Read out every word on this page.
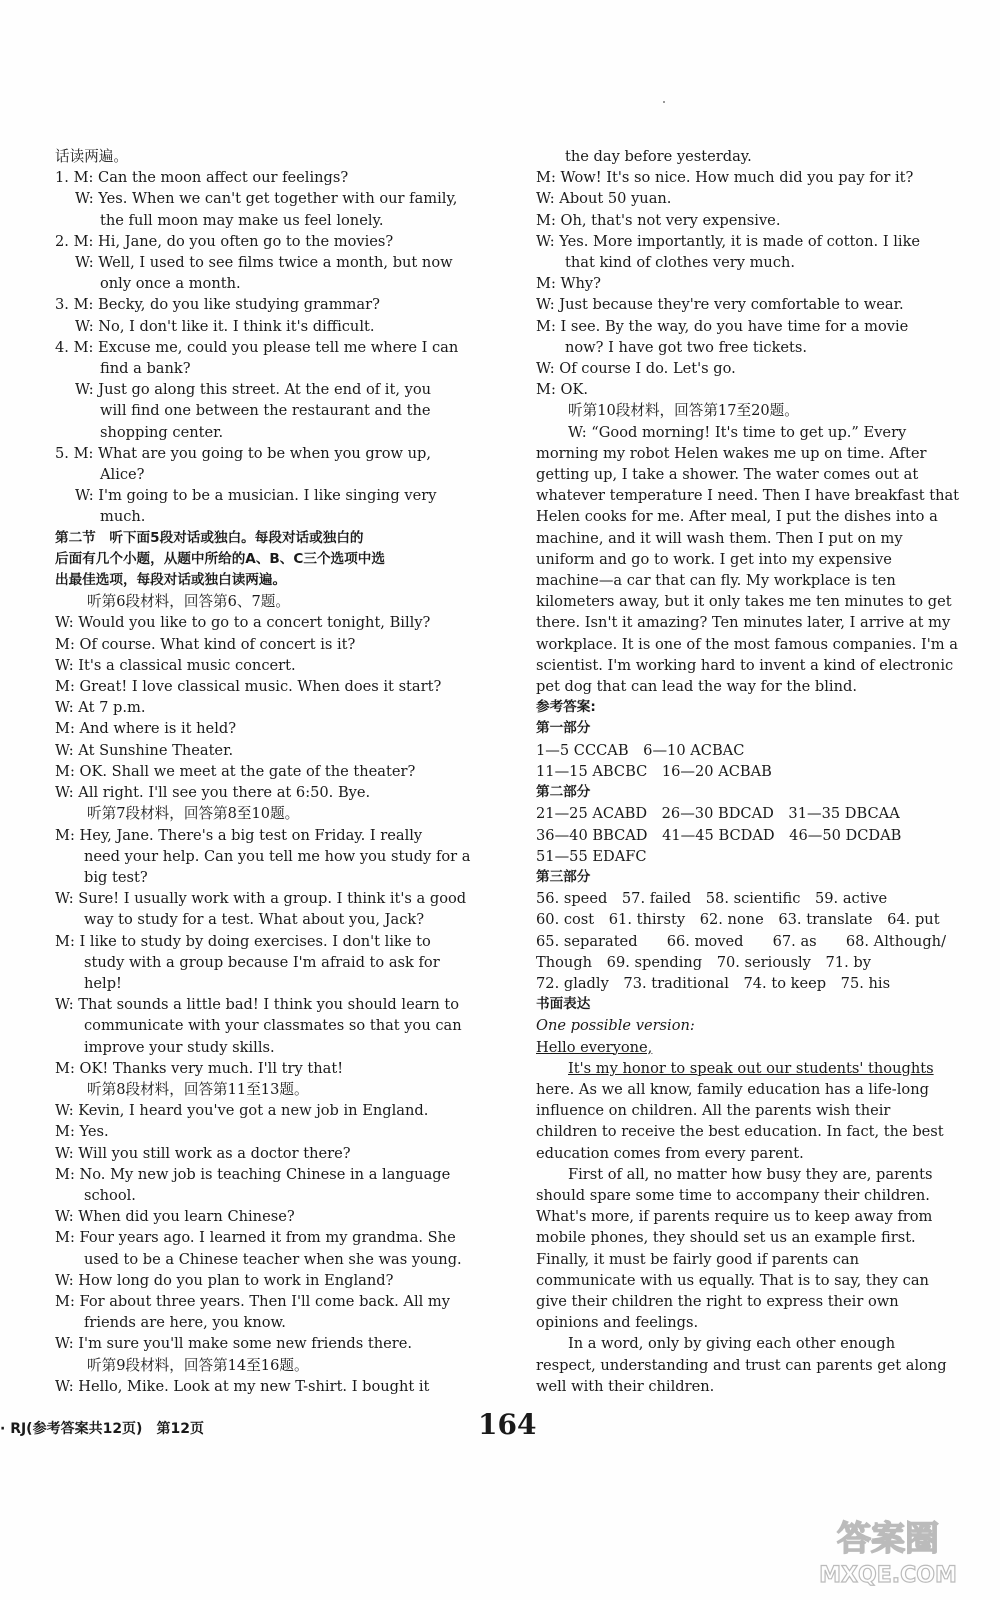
话读两遍。
1. M: Can the moon affect our feelings?
W: Yes. When we can't get together with our family,
the full moon may make us feel lonely.
2. M: Hi, Jane, do you often go to the movies?
W: Well, I used to see films twice a month, but now
only once a month.
3. M: Becky, do you like studying grammar?
W: No, I don't like it. I think it's difficult.
4. M: Excuse me, could you please tell me where I can
find a bank?
W: Just go along this street. At the end of it, you
will find one between the restaurant and the
shopping center.
5. M: What are you going to be when you grow up,
Alice?
W: I'm going to be a musician. I like singing very
much.
第二节　听下面5段对话或独白。每段对话或独白的
后面有几个小题，从题中所给的A、B、C三个选项中选
出最佳选项，每段对话或独白读两遍。
听第6段材料，回答第6、7题。
W: Would you like to go to a concert tonight, Billy?
M: Of course. What kind of concert is it?
W: It's a classical music concert.
M: Great! I love classical music. When does it start?
W: At 7 p.m.
M: And where is it held?
W: At Sunshine Theater.
M: OK. Shall we meet at the gate of the theater?
W: All right. I'll see you there at 6:50. Bye.
听第7段材料，回答第8至10题。
M: Hey, Jane. There's a big test on Friday. I really
need your help. Can you tell me how you study for a
big test?
W: Sure! I usually work with a group. I think it's a good
way to study for a test. What about you, Jack?
M: I like to study by doing exercises. I don't like to
study with a group because I'm afraid to ask for
help!
W: That sounds a little bad! I think you should learn to
communicate with your classmates so that you can
improve your study skills.
M: OK! Thanks very much. I'll try that!
听第8段材料，回答第11至13题。
W: Kevin, I heard you've got a new job in England.
M: Yes.
W: Will you still work as a doctor there?
M: No. My new job is teaching Chinese in a language
school.
W: When did you learn Chinese?
M: Four years ago. I learned it from my grandma. She
used to be a Chinese teacher when she was young.
W: How long do you plan to work in England?
M: For about three years. Then I'll come back. All my
friends are here, you know.
W: I'm sure you'll make some new friends there.
听第9段材料，回答第14至16题。
W: Hello, Mike. Look at my new T-shirt. I bought it
the day before yesterday.
M: Wow! It's so nice. How much did you pay for it?
W: About 50 yuan.
M: Oh, that's not very expensive.
W: Yes. More importantly, it is made of cotton. I like
that kind of clothes very much.
M: Why?
W: Just because they're very comfortable to wear.
M: I see. By the way, do you have time for a movie
now? I have got two free tickets.
W: Of course I do. Let's go.
M: OK.
听第10段材料，回答第17至20题。
W: “Good morning! It's time to get up.” Every
morning my robot Helen wakes me up on time. After
getting up, I take a shower. The water comes out at
whatever temperature I need. Then I have breakfast that
Helen cooks for me. After meal, I put the dishes into a
machine, and it will wash them. Then I put on my
uniform and go to work. I get into my expensive
machine—a car that can fly. My workplace is ten
kilometers away, but it only takes me ten minutes to get
there. Isn't it amazing? Ten minutes later, I arrive at my
workplace. It is one of the most famous companies. I'm a
scientist. I'm working hard to invent a kind of electronic
pet dog that can lead the way for the blind.
参考答案:
第一部分
1—5 CCCAB　6—10 ACBAC
11—15 ABCBC　16—20 ACBAB
第二部分
21—25 ACABD　26—30 BDCAD　31—35 DBCAA
36—40 BBCAD　41—45 BCDAD　46—50 DCDAB
51—55 EDAFC
第三部分
56. speed　57. failed　58. scientific　59. active
60. cost　61. thirsty　62. none　63. translate　64. put
65. separated　　66. moved　　67. as　　68. Although/
Though　69. spending　70. seriously　71. by
72. gladly　73. traditional　74. to keep　75. his
书面表达
One possible version:
Hello everyone,
It's my honor to speak out our students' thoughts
here. As we all know, family education has a life-long
influence on children. All the parents wish their
children to receive the best education. In fact, the best
education comes from every parent.
First of all, no matter how busy they are, parents
should spare some time to accompany their children.
What's more, if parents require us to keep away from
mobile phones, they should set us an example first.
Finally, it must be fairly good if parents can
communicate with us equally. That is to say, they can
give their children the right to express their own
opinions and feelings.
In a word, only by giving each other enough
respect, understanding and trust can parents get along
well with their children.
· RJ(参考答案共12页)　第12页	164
答案圈
MXQE.COM
